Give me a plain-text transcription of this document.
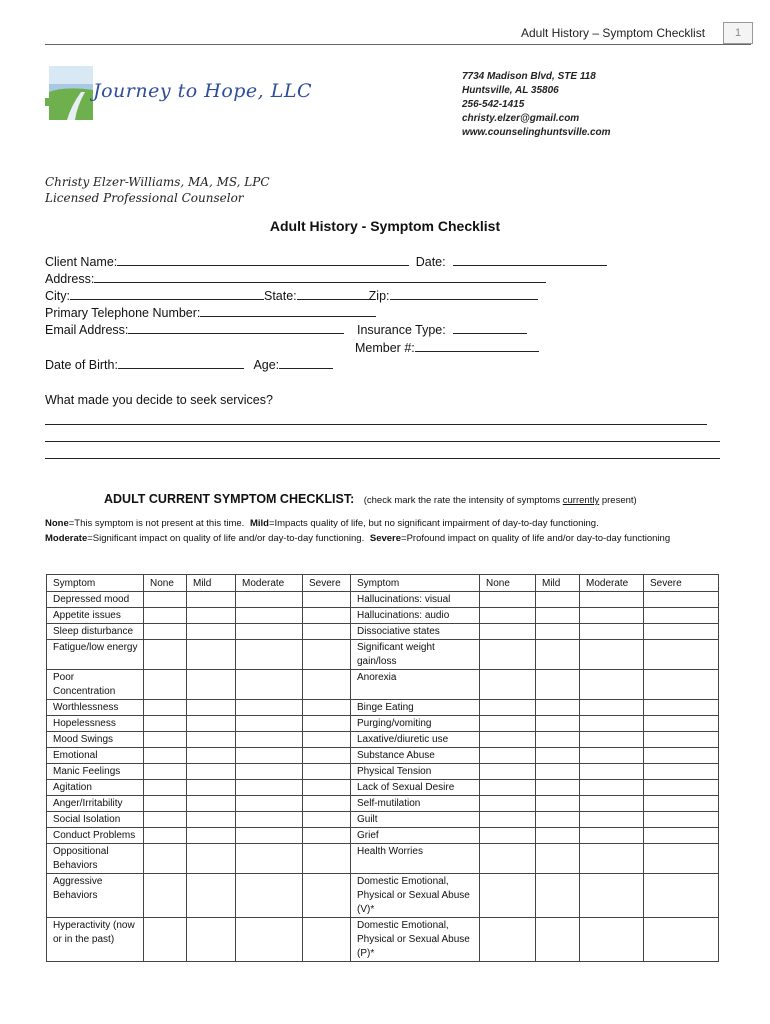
Adult History – Symptom Checklist	1
Journey to Hope, LLC
7734 Madison Blvd, STE 118
Huntsville, AL 35806
256-542-1415
christy.elzer@gmail.com
www.counselinghuntsville.com
Christy Elzer-Williams, MA, MS, LPC
Licensed Professional Counselor
Adult History - Symptom Checklist
Client Name:	Date:
Address:
City:	State:	Zip:
Primary Telephone Number:
Email Address:	Insurance Type:
Member #:
Date of Birth:	Age:
What made you decide to seek services?
ADULT CURRENT SYMPTOM CHECKLIST: (check mark the rate the intensity of symptoms currently present)
None=This symptom is not present at this time. Mild=Impacts quality of life, but no significant impairment of day-to-day functioning.
Moderate=Significant impact on quality of life and/or day-to-day functioning. Severe=Profound impact on quality of life and/or day-to-day functioning
Symptom	None	Mild	Moderate	Severe	Symptom	None	Mild	Moderate	Severe
Depressed mood					Hallucinations: visual				
Appetite issues					Hallucinations: audio				
Sleep disturbance					Dissociative states				
Fatigue/low energy					Significant weight gain/loss				
Poor Concentration					Anorexia				
Worthlessness					Binge Eating				
Hopelessness					Purging/vomiting				
Mood Swings					Laxative/diuretic use				
Emotional					Substance Abuse				
Manic Feelings					Physical Tension				
Agitation					Lack of Sexual Desire				
Anger/Irritability					Self-mutilation				
Social Isolation					Guilt				
Conduct Problems					Grief				
Oppositional Behaviors					Health Worries				
Aggressive Behaviors					Domestic Emotional, Physical or Sexual Abuse (V)*				
Hyperactivity (now or in the past)					Domestic Emotional, Physical or Sexual Abuse (P)*				
